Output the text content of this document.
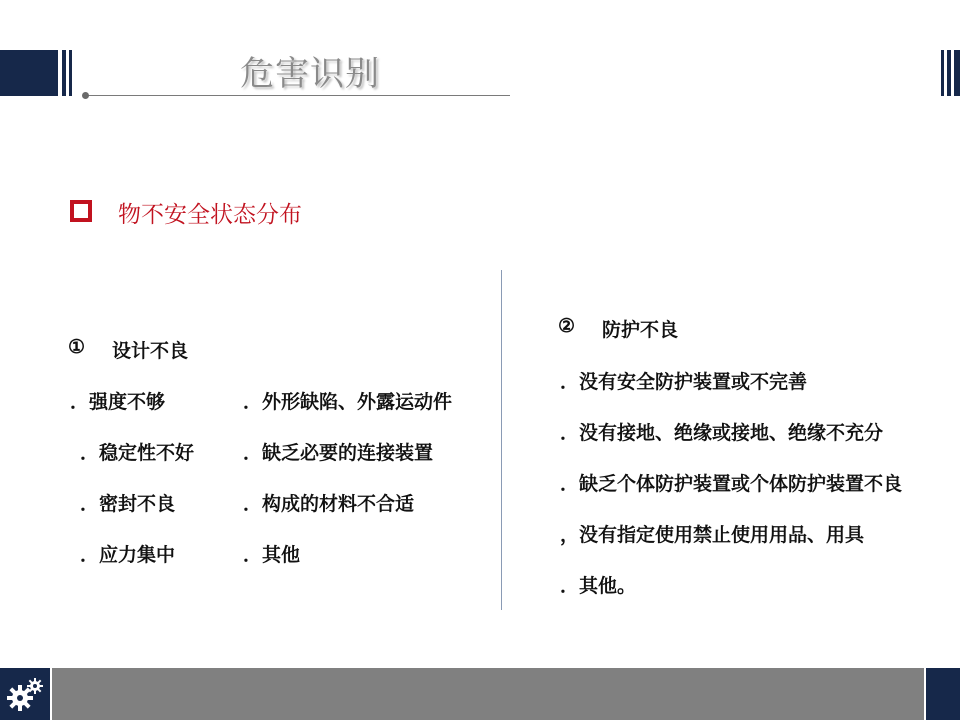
危害识别
物不安全状态分布
① 设计不良
．强度不够
．稳定性不好
．密封不良
．应力集中
．外形缺陷、外露运动件
．缺乏必要的连接装置
．构成的材料不合适
．其他
② 防护不良
．没有安全防护装置或不完善
．没有接地、绝缘或接地、绝缘不充分
．缺乏个体防护装置或个体防护装置不良
，没有指定使用禁止使用用品、用具
．其他。
